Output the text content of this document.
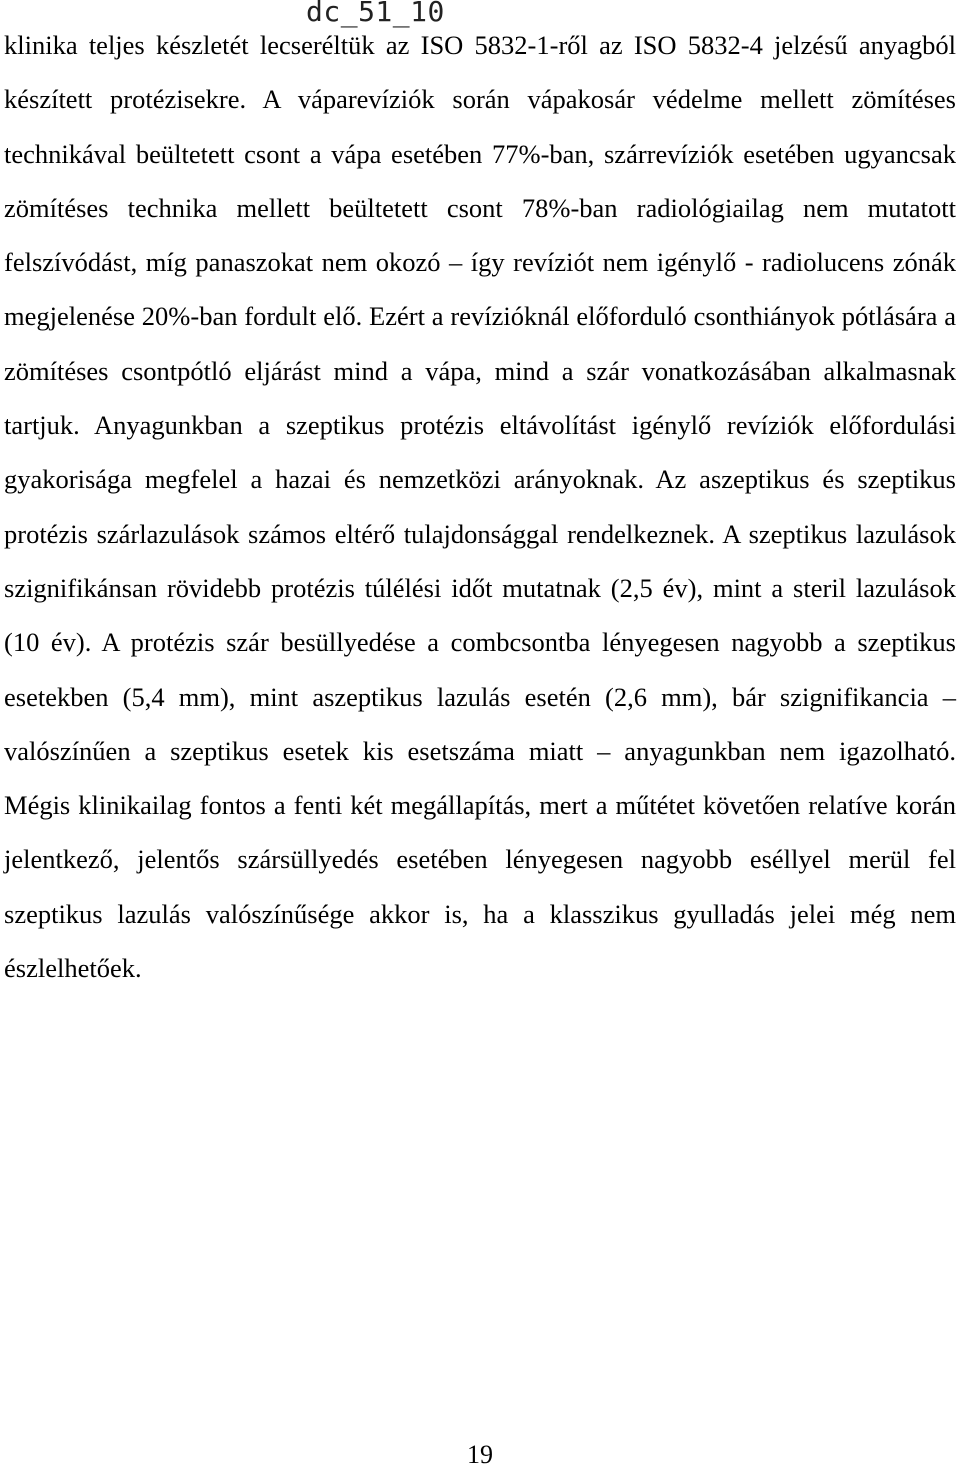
dc_51_10

klinika teljes készletét lecseréltük az ISO 5832-1-ről az ISO 5832-4 jelzésű anyagból készített protézisekre. A váparevíziók során vápakosár védelme mellett zömítéses technikával beültetett csont a vápa esetében 77%-ban, szárrevíziók esetében ugyancsak zömítéses technika mellett beültetett csont 78%-ban radiológiailag nem mutatott felszívódást, míg panaszokat nem okozó – így revíziót nem igénylő - radiolucens zónák megjelenése 20%-ban fordult elő. Ezért a revízióknál előforduló csonthiányok pótlására a zömítéses csontpótló eljárást mind a vápa, mind a szár vonatkozásában alkalmasnak tartjuk. Anyagunkban a szeptikus protézis eltávolítást igénylő revíziók előfordulási gyakorisága megfelel a hazai és nemzetközi arányoknak. Az aszeptikus és szeptikus protézis szárlazulások számos eltérő tulajdonsággal rendelkeznek. A szeptikus lazulások szignifikánsan rövidebb protézis túlélési időt mutatnak (2,5 év), mint a steril lazulások (10 év). A protézis szár besüllyedése a combcsontba lényegesen nagyobb a szeptikus esetekben (5,4 mm), mint aszeptikus lazulás esetén (2,6 mm), bár szignifikancia – valószínűen a szeptikus esetek kis esetszáma miatt – anyagunkban nem igazolható. Mégis klinikailag fontos a fenti két megállapítás, mert a műtétet követően relatíve korán jelentkező, jelentős szársüllyedés esetében lényegesen nagyobb eséllyel merül fel szeptikus lazulás valószínűsége akkor is, ha a klasszikus gyulladás jelei még nem észlelhetőek.

19
